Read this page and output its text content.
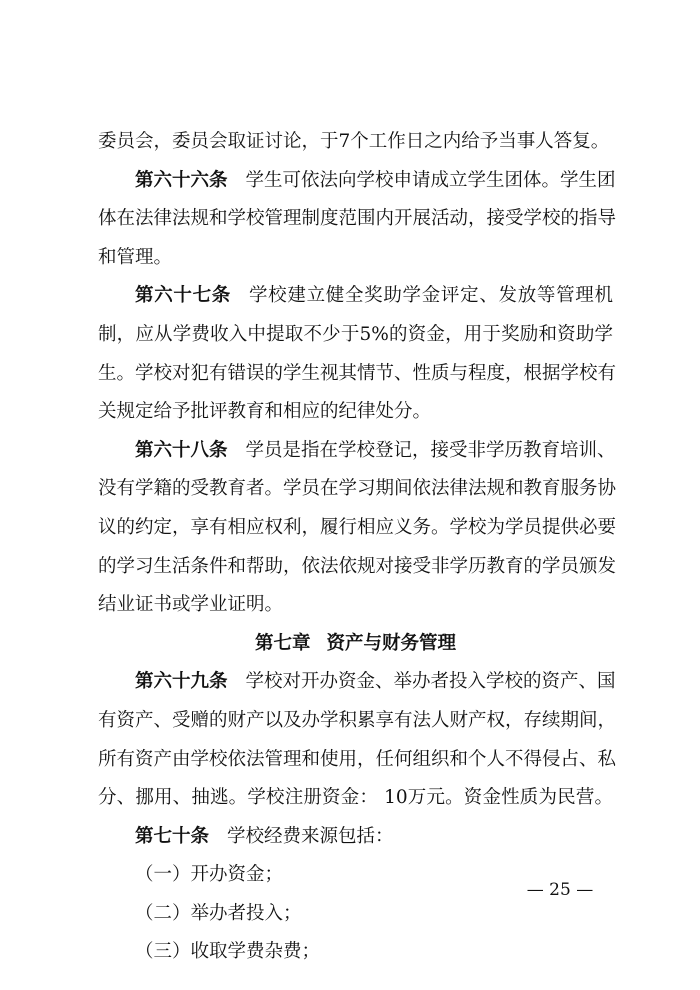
委员会，委员会取证讨论，于7个工作日之内给予当事人答复。
第六十六条 学生可依法向学校申请成立学生团体。学生团
体在法律法规和学校管理制度范围内开展活动，接受学校的指导
和管理。
第六十七条 学校建立健全奖助学金评定、发放等管理机
制，应从学费收入中提取不少于5%的资金，用于奖励和资助学
生。学校对犯有错误的学生视其情节、性质与程度，根据学校有
关规定给予批评教育和相应的纪律处分。
第六十八条 学员是指在学校登记，接受非学历教育培训、
没有学籍的受教育者。学员在学习期间依法律法规和教育服务协
议的约定，享有相应权利，履行相应义务。学校为学员提供必要
的学习生活条件和帮助，依法依规对接受非学历教育的学员颁发
结业证书或学业证明。
第七章 资产与财务管理
第六十九条 学校对开办资金、举办者投入学校的资产、国
有资产、受赠的财产以及办学积累享有法人财产权，存续期间，
所有资产由学校依法管理和使用，任何组织和个人不得侵占、私
分、挪用、抽逃。学校注册资金： 10万元。资金性质为民营。
第七十条 学校经费来源包括：
（一）开办资金；
（二）举办者投入；
（三）收取学费杂费；
— 25 —
